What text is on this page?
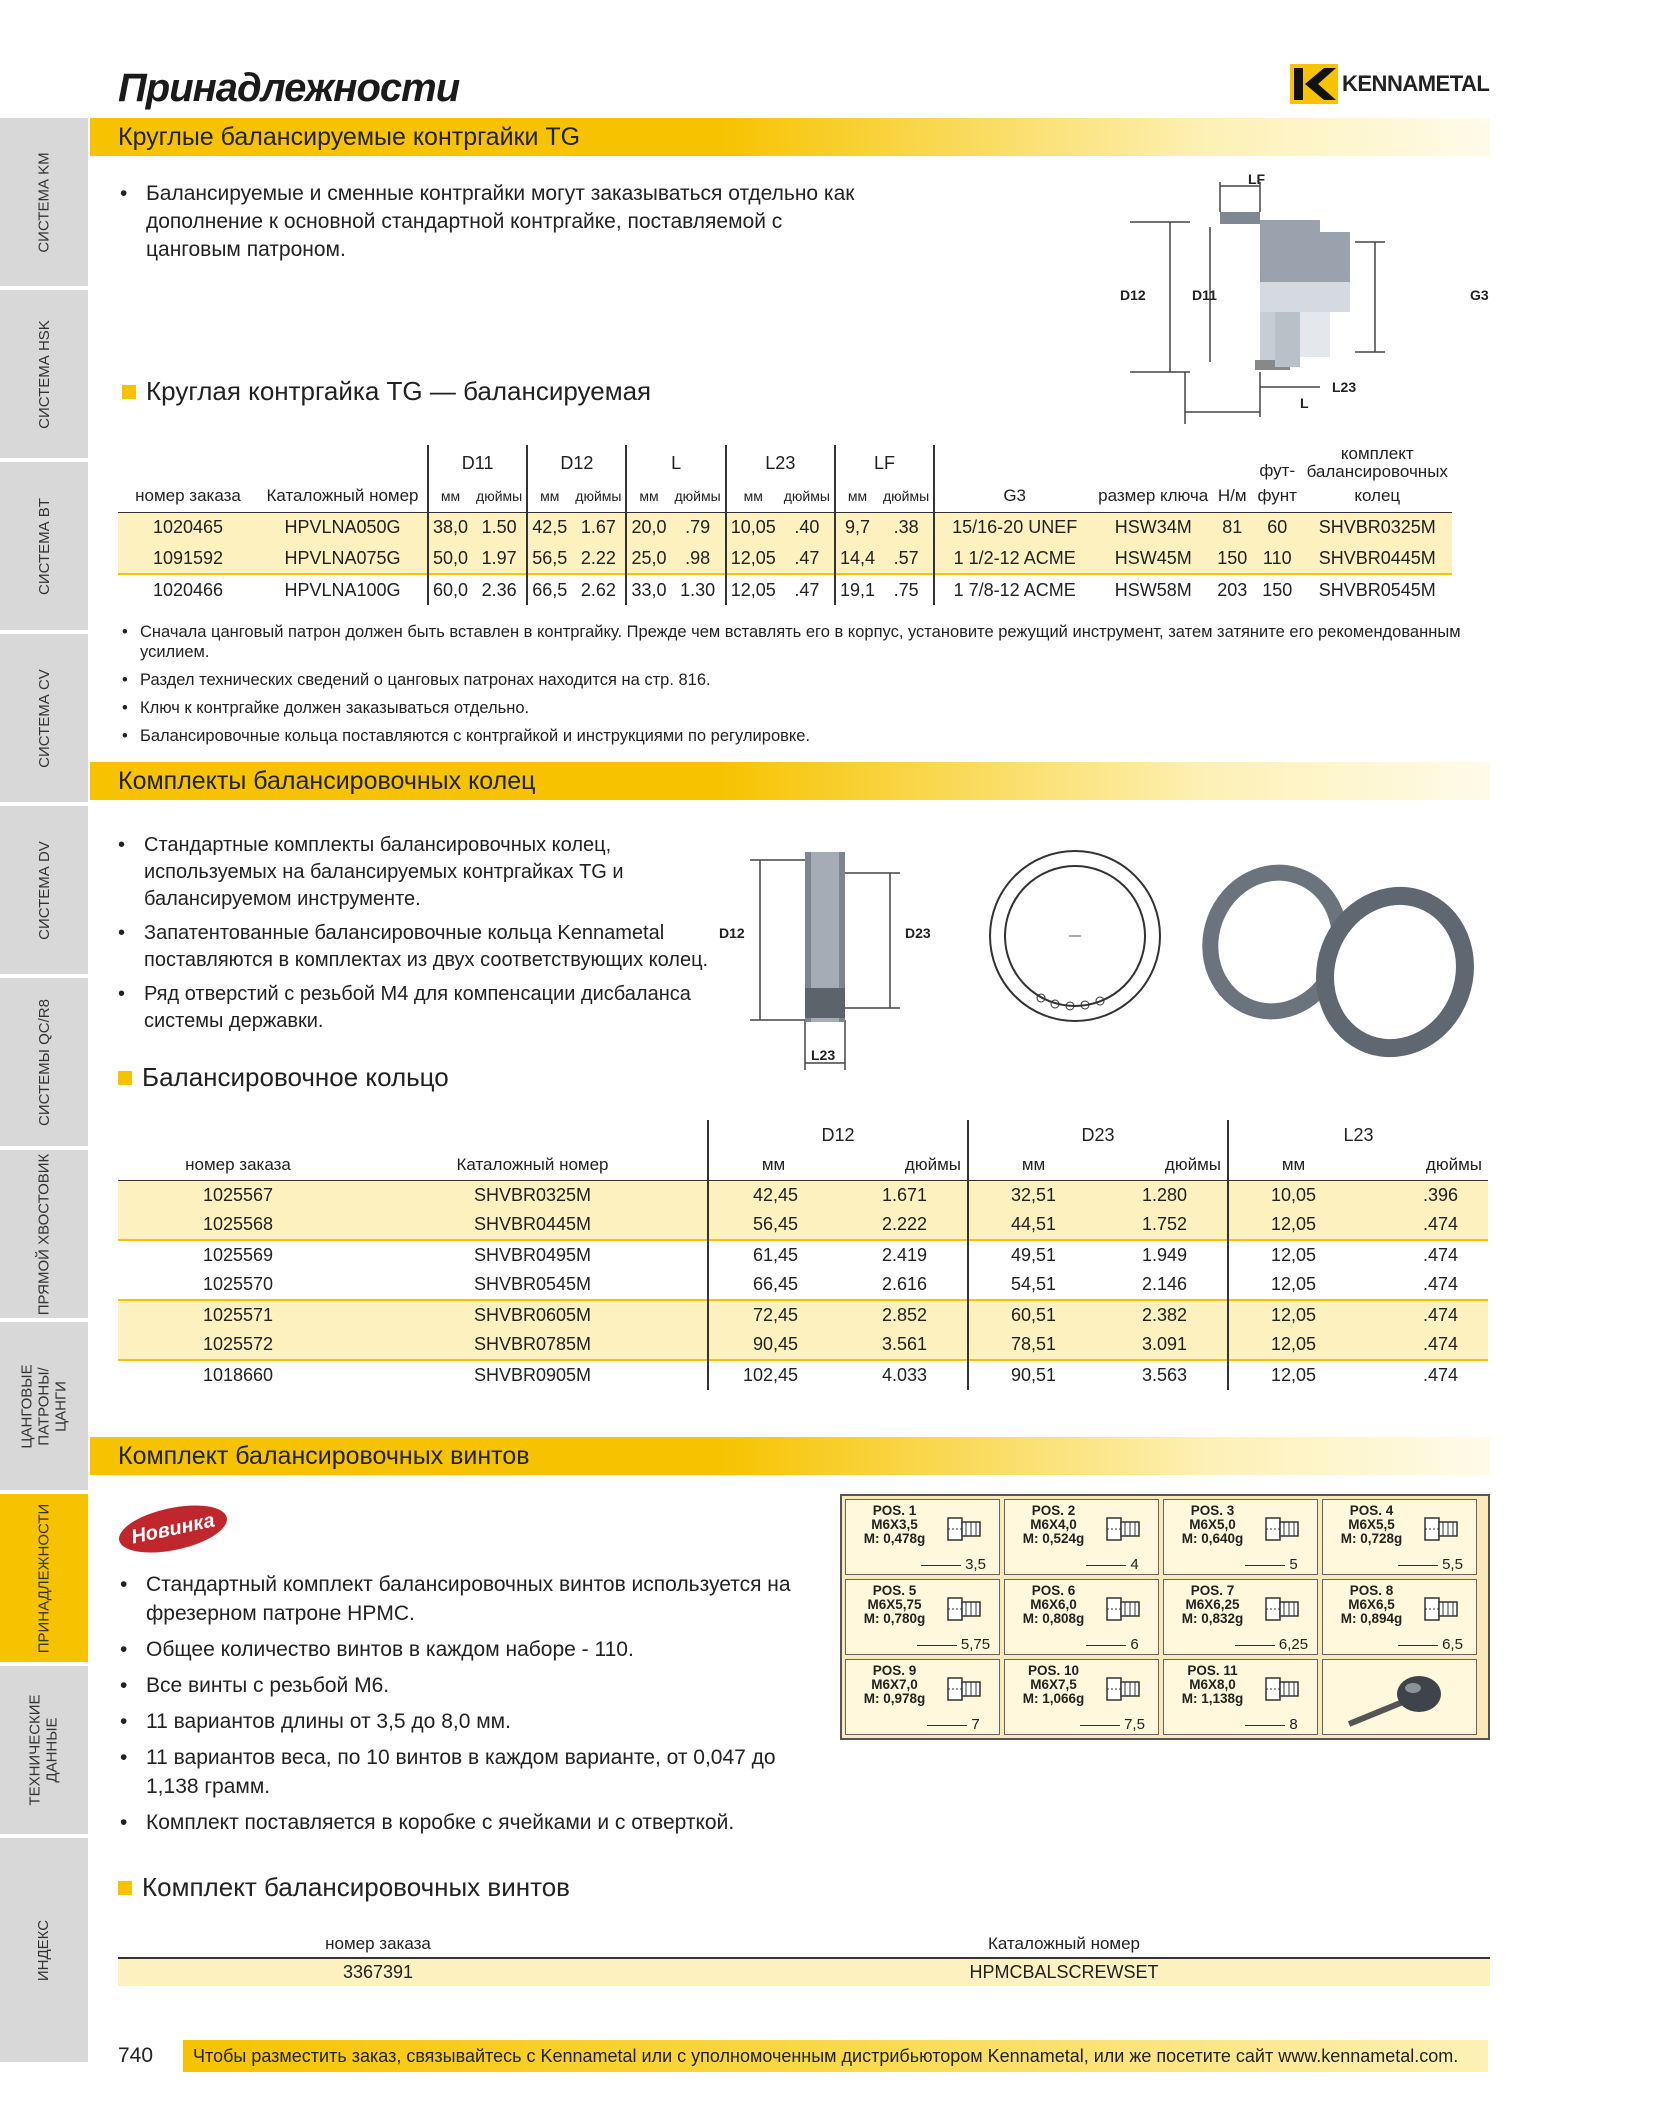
СИСТЕМА KM
СИСТЕМА HSK
СИСТЕМА BT
СИСТЕМА CV
СИСТЕМА DV
СИСТЕМЫ QC/R8
ПРЯМОЙ ХВОСТОВИК
ЦАНГОВЫЕ ПАТРОНЫ/ЦАНГИ
ПРИНАДЛЕЖНОСТИ
ТЕХНИЧЕСКИЕ ДАННЫЕ
ИНДЕКС
Принадлежности	KENNAMETAL
Круглые балансируемые контргайки TG
• Балансируемые и сменные контргайки могут заказываться отдельно как дополнение к основной стандартной контргайке, поставляемой с цанговым патроном.
Круглая контргайка TG — балансируемая
LF
D12	D11	G3
L23
L
		D11		D12		L		L23		LF					фут-	комплект
балансировочных
номер заказа	Каталожный номер	мм	дюймы	мм	дюймы	мм	дюймы	мм	дюймы	мм	дюймы	G3	размер ключа	Н/м	фунт	колец
1020465	HPVLNA050G	38,0	1.50	42,5	1.67	20,0	.79	10,05	.40	9,7	.38	15/16-20 UNEF	HSW34M	81	60	SHVBR0325M
1091592	HPVLNA075G	50,0	1.97	56,5	2.22	25,0	.98	12,05	.47	14,4	.57	1 1/2-12 ACME	HSW45M	150	110	SHVBR0445M
1020466	HPVLNA100G	60,0	2.36	66,5	2.62	33,0	1.30	12,05	.47	19,1	.75	1 7/8-12 ACME	HSW58M	203	150	SHVBR0545M
• Сначала цанговый патрон должен быть вставлен в контргайку. Прежде чем вставлять его в корпус, установите режущий инструмент, затем затяните его рекомендованным усилием.
• Раздел технических сведений о цанговых патронах находится на стр. 816.
• Ключ к контргайке должен заказываться отдельно.
• Балансировочные кольца поставляются с контргайкой и инструкциями по регулировке.
Комплекты балансировочных колец
• Стандартные комплекты балансировочных колец, используемых на балансируемых контргайках TG и балансируемом инструменте.
• Запатентованные балансировочные кольца Kennametal поставляются в комплектах из двух соответствующих колец.
• Ряд отверстий с резьбой М4 для компенсации дисбаланса системы державки.
Балансировочное кольцо
D12	D23
L23
		D12		D23		L23	
номер заказа	Каталожный номер	мм	дюймы	мм	дюймы	мм	дюймы
1025567	SHVBR0325M	42,45	1.671	32,51	1.280	10,05	.396
1025568	SHVBR0445M	56,45	2.222	44,51	1.752	12,05	.474
1025569	SHVBR0495M	61,45	2.419	49,51	1.949	12,05	.474
1025570	SHVBR0545M	66,45	2.616	54,51	2.146	12,05	.474
1025571	SHVBR0605M	72,45	2.852	60,51	2.382	12,05	.474
1025572	SHVBR0785M	90,45	3.561	78,51	3.091	12,05	.474
1018660	SHVBR0905M	102,45	4.033	90,51	3.563	12,05	.474
Комплект балансировочных винтов
Новинка
• Стандартный комплект балансировочных винтов используется на фрезерном патроне HPMC.
• Общее количество винтов в каждом наборе - 110.
• Все винты с резьбой M6.
• 11 вариантов длины от 3,5 до 8,0 мм.
• 11 вариантов веса, по 10 винтов в каждом варианте, от 0,047 до 1,138 грамм.
• Комплект поставляется в коробке с ячейками и с отверткой.
POS. 1
M6X3,5
M: 0,478g
3,5
POS. 2
M6X4,0
M: 0,524g
4
POS. 3
M6X5,0
M: 0,640g
5
POS. 4
M6X5,5
M: 0,728g
5,5
POS. 5
M6X5,75
M: 0,780g
5,75
POS. 6
M6X6,0
M: 0,808g
6
POS. 7
M6X6,25
M: 0,832g
6,25
POS. 8
M6X6,5
M: 0,894g
6,5
POS. 9
M6X7,0
M: 0,978g
7
POS. 10
M6X7,5
M: 1,066g
7,5
POS. 11
M6X8,0
M: 1,138g
8
Комплект балансировочных винтов
номер заказа	Каталожный номер
3367391	HPMCBALSCREWSET
740	Чтобы разместить заказ, связывайтесь с Kennametal или с уполномоченным дистрибьютором Kennametal, или же посетите сайт www.kennametal.com.
